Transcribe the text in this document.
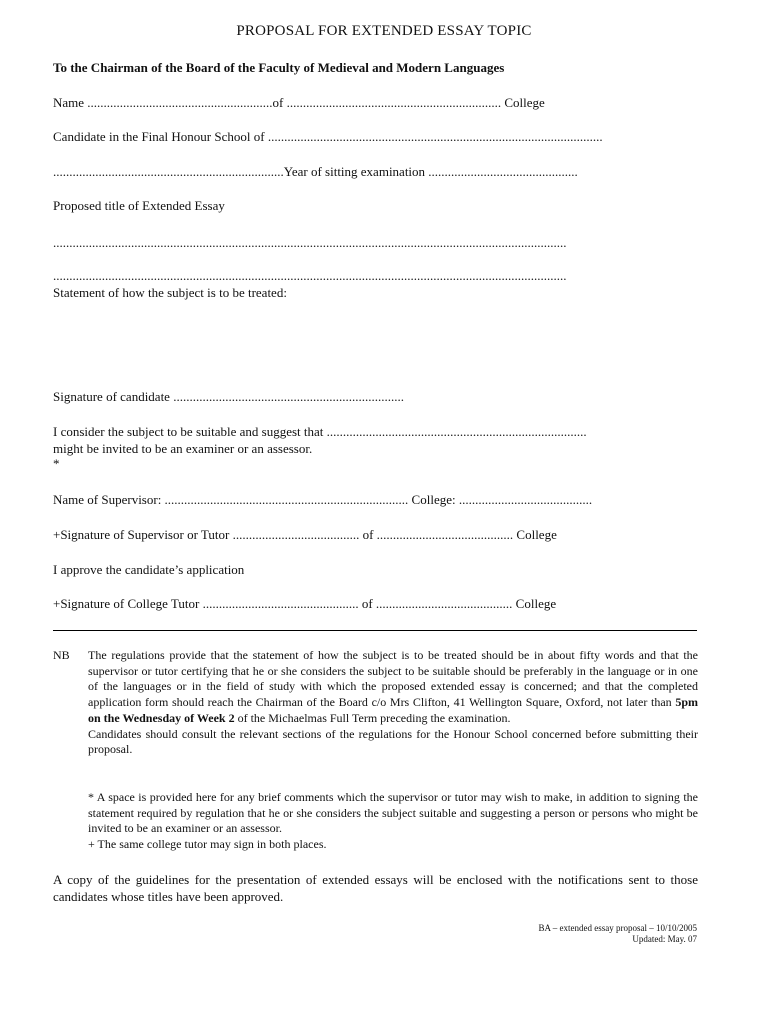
PROPOSAL FOR EXTENDED ESSAY TOPIC
To the Chairman of the Board of the Faculty of Medieval and Modern Languages
Name .........................................................of .................................................................. College
Candidate in the Final Honour School of .......................................................................................................
.......................................................................Year of sitting examination ..............................................
Proposed title of Extended Essay
..............................................................................................................................................................
..............................................................................................................................................................
Statement of how the subject is to be treated:
Signature of candidate .......................................................................
I consider the subject to be suitable and suggest that ................................................................................
might be invited to be an examiner or an assessor.
*
Name of Supervisor: ........................................................................... College: .........................................
+Signature of Supervisor or Tutor ....................................... of .......................................... College
I approve the candidate’s application
+Signature of College Tutor ................................................ of .......................................... College
NB The regulations provide that the statement of how the subject is to be treated should be in about fifty words and that the supervisor or tutor certifying that he or she considers the subject to be suitable should be preferably in the language or in one of the languages or in the field of study with which the proposed extended essay is concerned; and that the completed application form should reach the Chairman of the Board c/o Mrs Clifton, 41 Wellington Square, Oxford, not later than 5pm on the Wednesday of Week 2 of the Michaelmas Full Term preceding the examination.

Candidates should consult the relevant sections of the regulations for the Honour School concerned before submitting their proposal.

* A space is provided here for any brief comments which the supervisor or tutor may wish to make, in addition to signing the statement required by regulation that he or she considers the subject suitable and suggesting a person or persons who might be invited to be an examiner or an assessor.

+ The same college tutor may sign in both places.

A copy of the guidelines for the presentation of extended essays will be enclosed with the notifications sent to those candidates whose titles have been approved.
BA – extended essay proposal – 10/10/2005
Updated: May. 07
